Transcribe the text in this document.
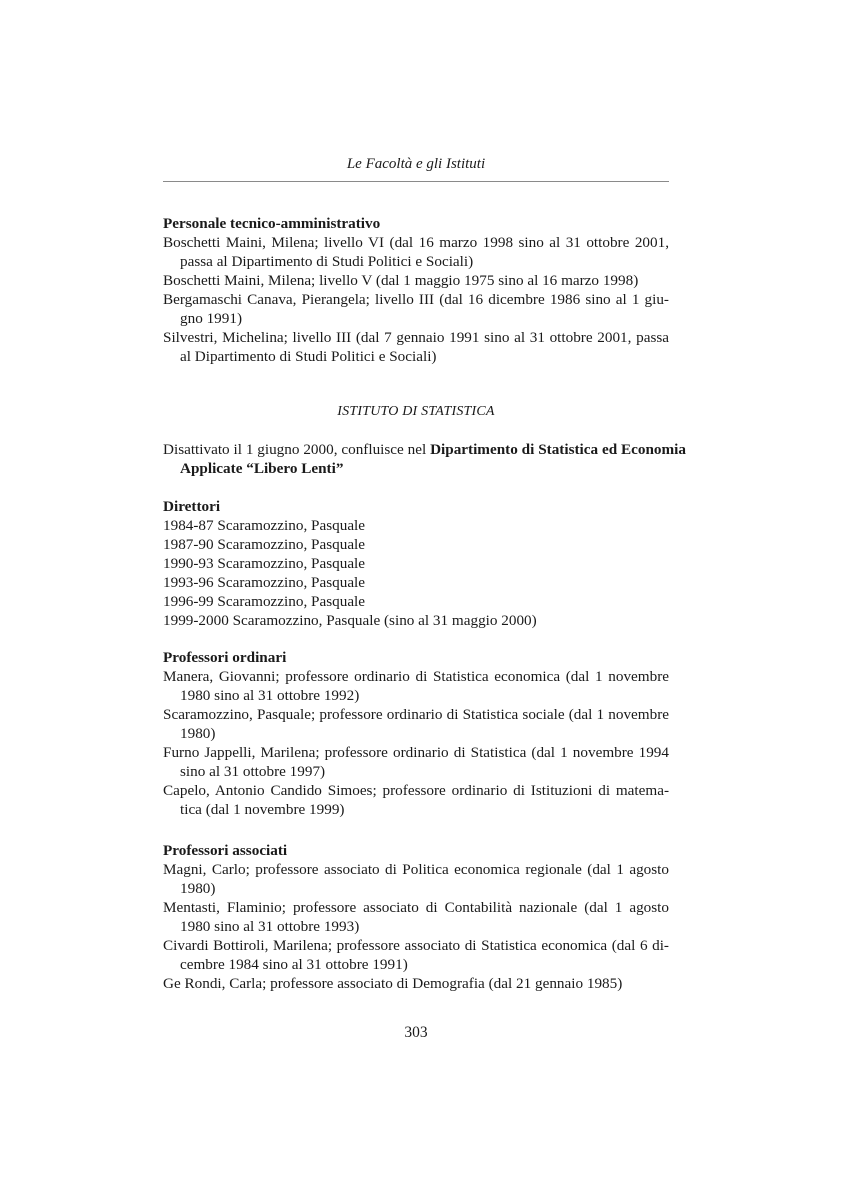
Le Facoltà e gli Istituti
Personale tecnico-amministrativo
Boschetti Maini, Milena; livello VI (dal 16 marzo 1998 sino al 31 ottobre 2001, passa al Dipartimento di Studi Politici e Sociali)
Boschetti Maini, Milena; livello V (dal 1 maggio 1975 sino al 16 marzo 1998)
Bergamaschi Canava, Pierangela; livello III (dal 16 dicembre 1986 sino al 1 giu-gno 1991)
Silvestri, Michelina; livello III (dal 7 gennaio 1991 sino al 31 ottobre 2001, passa al Dipartimento di Studi Politici e Sociali)
ISTITUTO DI STATISTICA
Disattivato il 1 giugno 2000, confluisce nel Dipartimento di Statistica ed Economia Applicate “Libero Lenti”
Direttori
1984-87 Scaramozzino, Pasquale
1987-90 Scaramozzino, Pasquale
1990-93 Scaramozzino, Pasquale
1993-96 Scaramozzino, Pasquale
1996-99 Scaramozzino, Pasquale
1999-2000 Scaramozzino, Pasquale (sino al 31 maggio 2000)
Professori ordinari
Manera, Giovanni; professore ordinario di Statistica economica (dal 1 novembre 1980 sino al 31 ottobre 1992)
Scaramozzino, Pasquale; professore ordinario di Statistica sociale (dal 1 novembre 1980)
Furno Jappelli, Marilena; professore ordinario di Statistica (dal 1 novembre 1994 sino al 31 ottobre 1997)
Capelo, Antonio Candido Simoes; professore ordinario di Istituzioni di matema-tica (dal 1 novembre 1999)
Professori associati
Magni, Carlo; professore associato di Politica economica regionale (dal 1 agosto 1980)
Mentasti, Flaminio; professore associato di Contabilità nazionale (dal 1 agosto 1980 sino al 31 ottobre 1993)
Civardi Bottiroli, Marilena; professore associato di Statistica economica (dal 6 di-cembre 1984 sino al 31 ottobre 1991)
Ge Rondi, Carla; professore associato di Demografia (dal 21 gennaio 1985)
303
